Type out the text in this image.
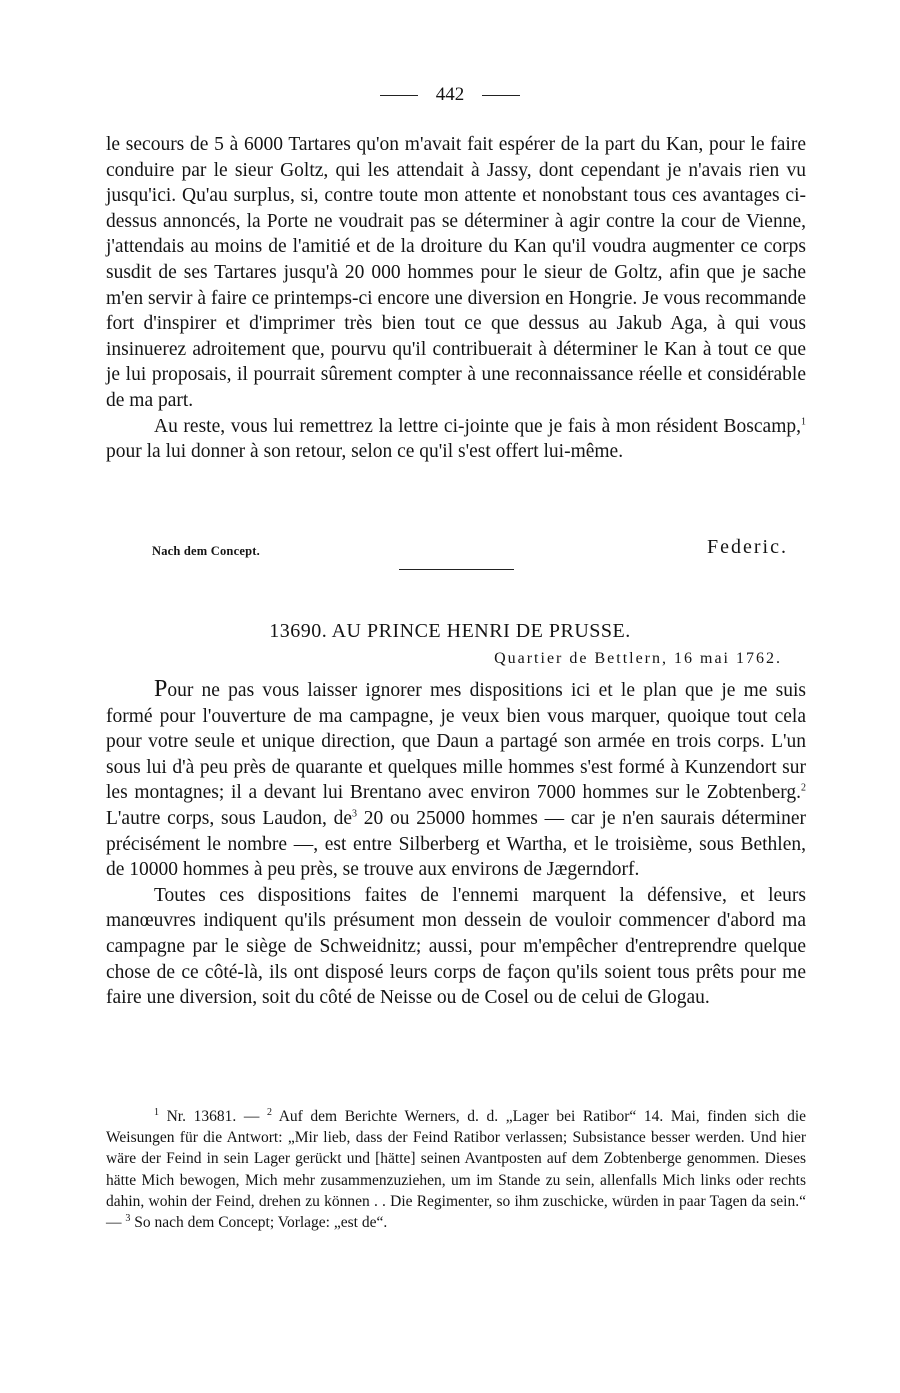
442

le secours de 5 à 6000 Tartares qu'on m'avait fait espérer de la part du Kan, pour le faire conduire par le sieur Goltz, qui les attendait à Jassy, dont cependant je n'avais rien vu jusqu'ici. Qu'au surplus, si, contre toute mon attente et nonobstant tous ces avantages ci-dessus annoncés, la Porte ne voudrait pas se déterminer à agir contre la cour de Vienne, j'attendais au moins de l'amitié et de la droiture du Kan qu'il voudra augmenter ce corps susdit de ses Tartares jusqu'à 20 000 hommes pour le sieur de Goltz, afin que je sache m'en servir à faire ce printemps-ci encore une diversion en Hongrie. Je vous recommande fort d'inspirer et d'imprimer très bien tout ce que dessus au Jakub Aga, à qui vous insinuerez adroitement que, pourvu qu'il contribuerait à déterminer le Kan à tout ce que je lui proposais, il pourrait sûrement compter à une reconnaissance réelle et considérable de ma part.

Au reste, vous lui remettrez la lettre ci-jointe que je fais à mon résident Boscamp,$^1$ pour la lui donner à son retour, selon ce qu'il s'est offert lui-même.

Nach dem Concept.	Federic.
13690. AU PRINCE HENRI DE PRUSSE.
Quartier de Bettlern, 16 mai 1762.

Pour ne pas vous laisser ignorer mes dispositions ici et le plan que je me suis formé pour l'ouverture de ma campagne, je veux bien vous marquer, quoique tout cela pour votre seule et unique direction, que Daun a partagé son armée en trois corps. L'un sous lui d'à peu près de quarante et quelques mille hommes s'est formé à Kunzendort sur les montagnes; il a devant lui Brentano avec environ 7000 hommes sur le Zobtenberg.$^2$ L'autre corps, sous Laudon, $de^3$ 20 ou 25000 hommes — car je n'en saurais déterminer précisément le nombre —, est entre Silberberg et Wartha, et le troisième, sous Bethlen, de 10000 hommes à peu près, se trouve aux environs de Jægerndorf.

Toutes ces dispositions faites de l'ennemi marquent la défensive, et leurs manœuvres indiquent qu'ils présument mon dessein de vouloir commencer d'abord ma campagne par le siège de Schweidnitz; aussi, pour m'empêcher d'entreprendre quelque chose de ce côté-là, ils ont disposé leurs corps de façon qu'ils soient tous prêts pour me faire une diversion, soit du côté de Neisse ou de Cosel ou de celui de Glogau.

$^1$ Nr. 13681. — $^2$ Auf dem Berichte Werners, d. d. „Lager bei Ratibor“ 14. Mai, finden sich die Weisungen für die Antwort: „Mir lieb, dass der Feind Ratibor verlassen; Subsistance besser werden. Und hier wäre der Feind in sein Lager gerückt und [hätte] seinen Avantposten auf dem Zobtenberge genommen. Dieses hätte Mich bewogen, Mich mehr zusammenzuziehen, um im Stande zu sein, allenfalls Mich links oder rechts dahin, wohin der Feind, drehen zu können . . Die Regimenter, so ihm zuschicke, würden in paar Tagen da sein.“ — $^3$ So nach dem Concept; Vorlage: „est de“.
